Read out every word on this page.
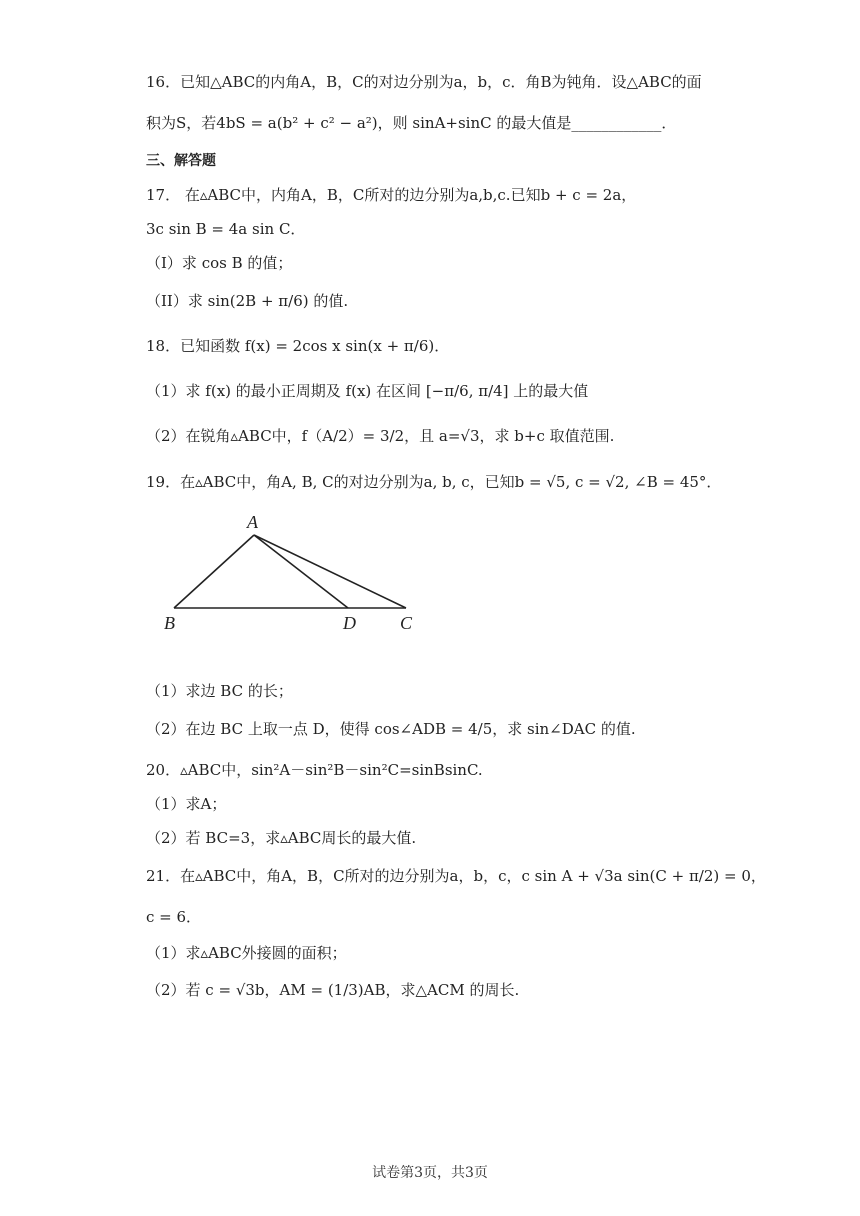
16．已知△ABC的内角A，B，C的对边分别为a，b，c．角B为钝角．设△ABC的面
积为S，若4bS = a(b² + c² − a²)，则 sinA+sinC 的最大值是____________．
三、解答题
17． 在▵ABC中，内角A，B，C所对的边分别为a,b,c.已知b + c = 2a，
3c sin B = 4a sin C．
（I）求 cos B 的值；
（II）求 sin(2B + π/6) 的值.
18．已知函数 f(x) = 2cos x sin(x + π/6)．
（1）求 f(x) 的最小正周期及 f(x) 在区间 [−π/6, π/4] 上的最大值
（2）在锐角▵ABC中，f（A/2）= 3/2，且 a=√3，求 b+c 取值范围.
19．在▵ABC中，角A, B, C的对边分别为a, b, c，已知b = √5, c = √2, ∠B = 45°．
A
B	D C
（1）求边 BC 的长；
（2）在边 BC 上取一点 D，使得 cos∠ADB = 4/5，求 sin∠DAC 的值.
20．▵ABC中，sin²A－sin²B－sin²C=sinBsinC.
（1）求A；
（2）若 BC=3，求▵ABC周长的最大值.
21．在▵ABC中，角A，B，C所对的边分别为a，b，c，c sin A + √3a sin(C + π/2) = 0，
c = 6．
（1）求▵ABC外接圆的面积；
（2）若 c = √3b，AM = (1/3)AB，求△ACM 的周长.
试卷第3页，共3页
